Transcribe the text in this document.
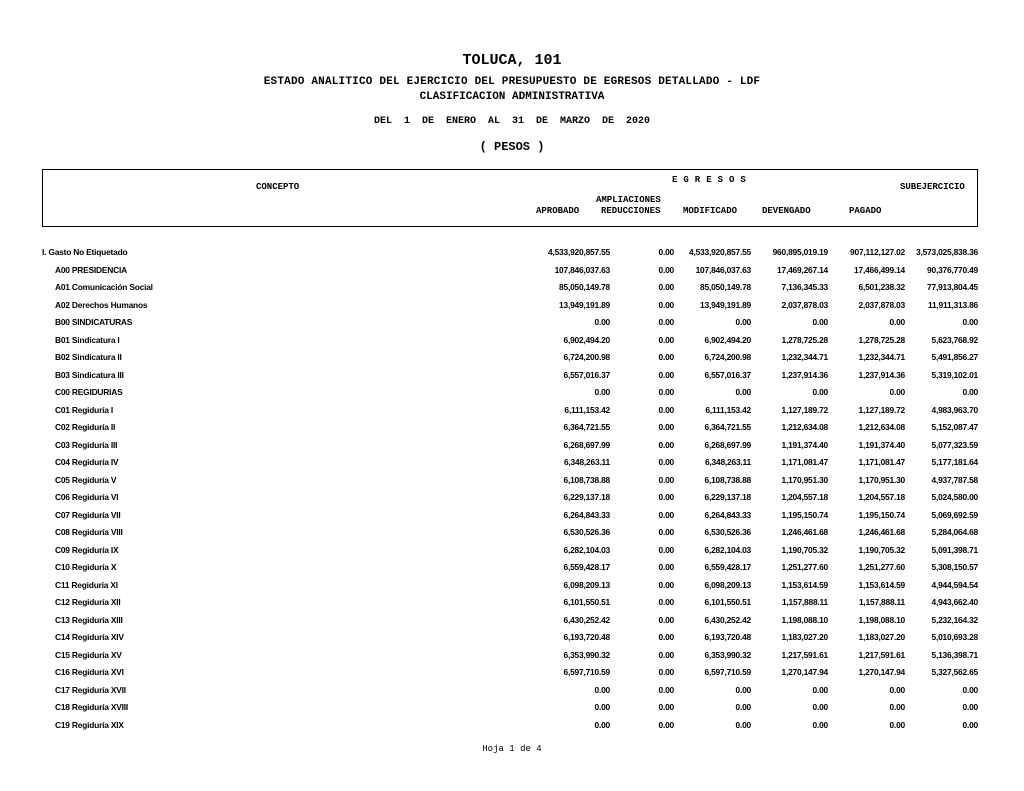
TOLUCA, 101
ESTADO ANALITICO DEL EJERCICIO DEL PRESUPUESTO DE EGRESOS DETALLADO - LDF
CLASIFICACION ADMINISTRATIVA
DEL 1 DE ENERO AL 31 DE MARZO DE 2020
( PESOS )
CONCEPTO
EGRESOS
SUBEJERCICIO
AMPLIACIONES
APROBADO REDUCCIONES	MODIFICADO	DEVENGADO	PAGADO
I. Gasto No Etiquetado	4,533,920,857.55	0.00 4,533,920,857.55	960,895,019.19	907,112,127.02 3,573,025,838.36
A00 PRESIDENCIA	107,846,037.63	0.00	107,846,037.63	17,469,267.14	17,466,499.14	90,376,770.49
A01 Comunicación Social	85,050,149.78	0.00	85,050,149.78	7,136,345.33	6,501,238.32	77,913,804.45
A02 Derechos Humanos	13,949,191.89	0.00	13,949,191.89	2,037,878.03	2,037,878.03	11,911,313.86
B00 SINDICATURAS	0.00	0.00	0.00	0.00	0.00	0.00
B01 Sindicatura I	6,902,494.20	0.00	6,902,494.20	1,278,725.28	1,278,725.28	5,623,768.92
B02 Sindicatura II	6,724,200.98	0.00	6,724,200.98	1,232,344.71	1,232,344.71	5,491,856.27
B03 Sindicatura III	6,557,016.37	0.00	6,557,016.37	1,237,914.36	1,237,914.36	5,319,102.01
C00 REGIDURIAS	0.00	0.00	0.00	0.00	0.00	0.00
C01 Regiduría I	6,111,153.42	0.00	6,111,153.42	1,127,189.72	1,127,189.72	4,983,963.70
C02 Regiduría II	6,364,721.55	0.00	6,364,721.55	1,212,634.08	1,212,634.08	5,152,087.47
C03 Regiduría III	6,268,697.99	0.00	6,268,697.99	1,191,374.40	1,191,374.40	5,077,323.59
C04 Regiduría IV	6,348,263.11	0.00	6,348,263.11	1,171,081.47	1,171,081.47	5,177,181.64
C05 Regiduría V	6,108,738.88	0.00	6,108,738.88	1,170,951.30	1,170,951.30	4,937,787.58
C06 Regiduría VI	6,229,137.18	0.00	6,229,137.18	1,204,557.18	1,204,557.18	5,024,580.00
C07 Regiduría VII	6,264,843.33	0.00	6,264,843.33	1,195,150.74	1,195,150.74	5,069,692.59
C08 Regiduría VIII	6,530,526.36	0.00	6,530,526.36	1,246,461.68	1,246,461.68	5,284,064.68
C09 Regiduría IX	6,282,104.03	0.00	6,282,104.03	1,190,705.32	1,190,705.32	5,091,398.71
C10 Regiduría X	6,559,428.17	0.00	6,559,428.17	1,251,277.60	1,251,277.60	5,308,150.57
C11 Regiduría XI	6,098,209.13	0.00	6,098,209.13	1,153,614.59	1,153,614.59	4,944,594.54
C12 Regiduría XII	6,101,550.51	0.00	6,101,550.51	1,157,888.11	1,157,888.11	4,943,662.40
C13 Regiduría XIII	6,430,252.42	0.00	6,430,252.42	1,198,088.10	1,198,088.10	5,232,164.32
C14 Regiduría XIV	6,193,720.48	0.00	6,193,720.48	1,183,027.20	1,183,027.20	5,010,693.28
C15 Regiduría XV	6,353,990.32	0.00	6,353,990.32	1,217,591.61	1,217,591.61	5,136,398.71
C16 Regiduría XVI	6,597,710.59	0.00	6,597,710.59	1,270,147.94	1,270,147.94	5,327,562.65
C17 Regiduría XVII	0.00	0.00	0.00	0.00	0.00	0.00
C18 Regiduría XVIII	0.00	0.00	0.00	0.00	0.00	0.00
C19 Regiduría XIX	0.00	0.00	0.00	0.00	0.00	0.00
Hoja 1 de 4
